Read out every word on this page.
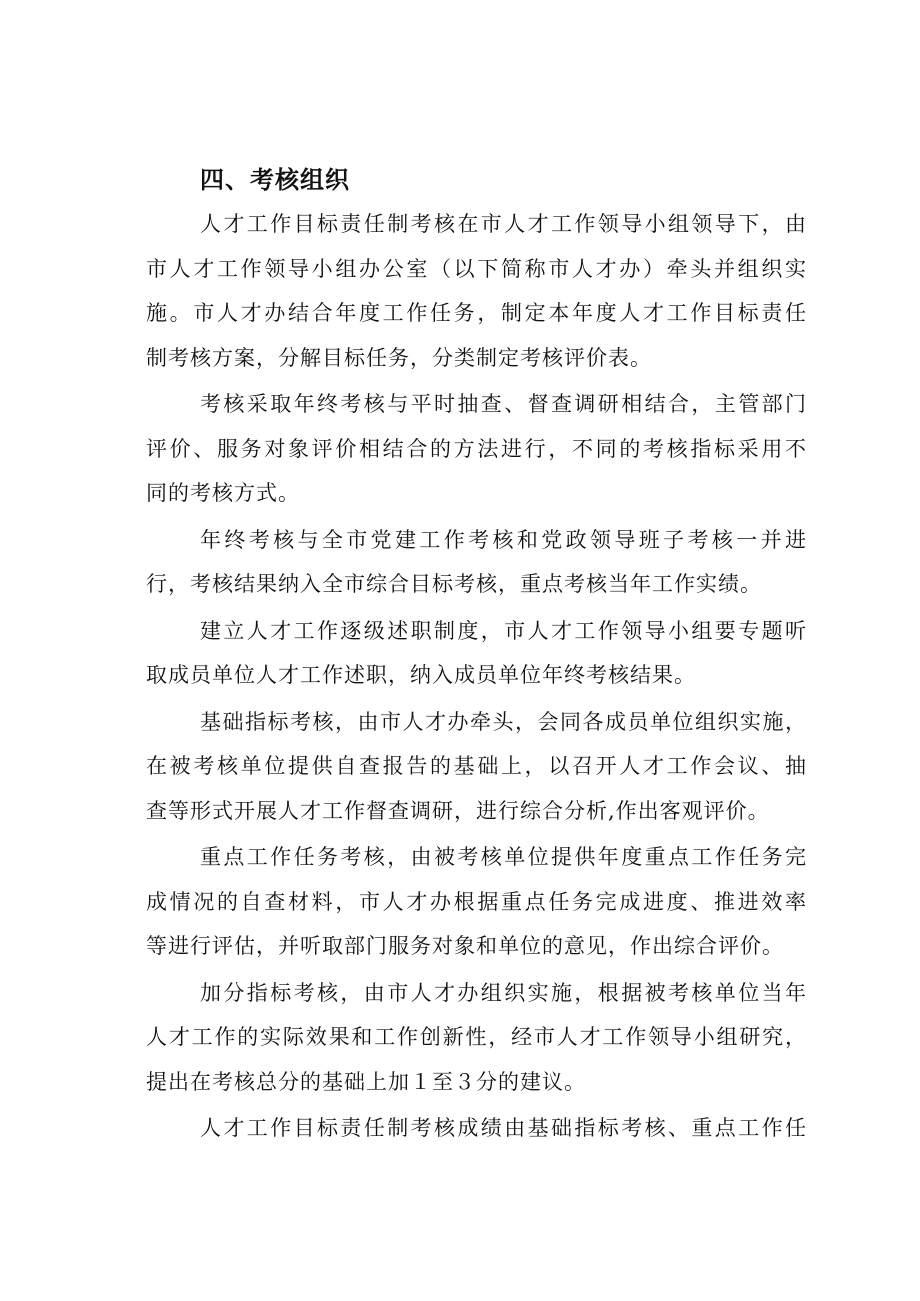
四、考核组织

人才工作目标责任制考核在市人才工作领导小组领导下，由
市人才工作领导小组办公室（以下简称市人才办）牵头并组织实
施。市人才办结合年度工作任务，制定本年度人才工作目标责任
制考核方案，分解目标任务，分类制定考核评价表。

考核采取年终考核与平时抽查、督查调研相结合，主管部门
评价、服务对象评价相结合的方法进行，不同的考核指标采用不
同的考核方式。

年终考核与全市党建工作考核和党政领导班子考核一并进
行，考核结果纳入全市综合目标考核，重点考核当年工作实绩。

建立人才工作逐级述职制度，市人才工作领导小组要专题听
取成员单位人才工作述职，纳入成员单位年终考核结果。

基础指标考核，由市人才办牵头，会同各成员单位组织实施，
在被考核单位提供自查报告的基础上，以召开人才工作会议、抽
查等形式开展人才工作督查调研，进行综合分析,作出客观评价。

重点工作任务考核，由被考核单位提供年度重点工作任务完
成情况的自查材料，市人才办根据重点任务完成进度、推进效率
等进行评估，并听取部门服务对象和单位的意见，作出综合评价。

加分指标考核，由市人才办组织实施，根据被考核单位当年
人才工作的实际效果和工作创新性，经市人才工作领导小组研究，
提出在考核总分的基础上加１至３分的建议。

人才工作目标责任制考核成绩由基础指标考核、重点工作任
